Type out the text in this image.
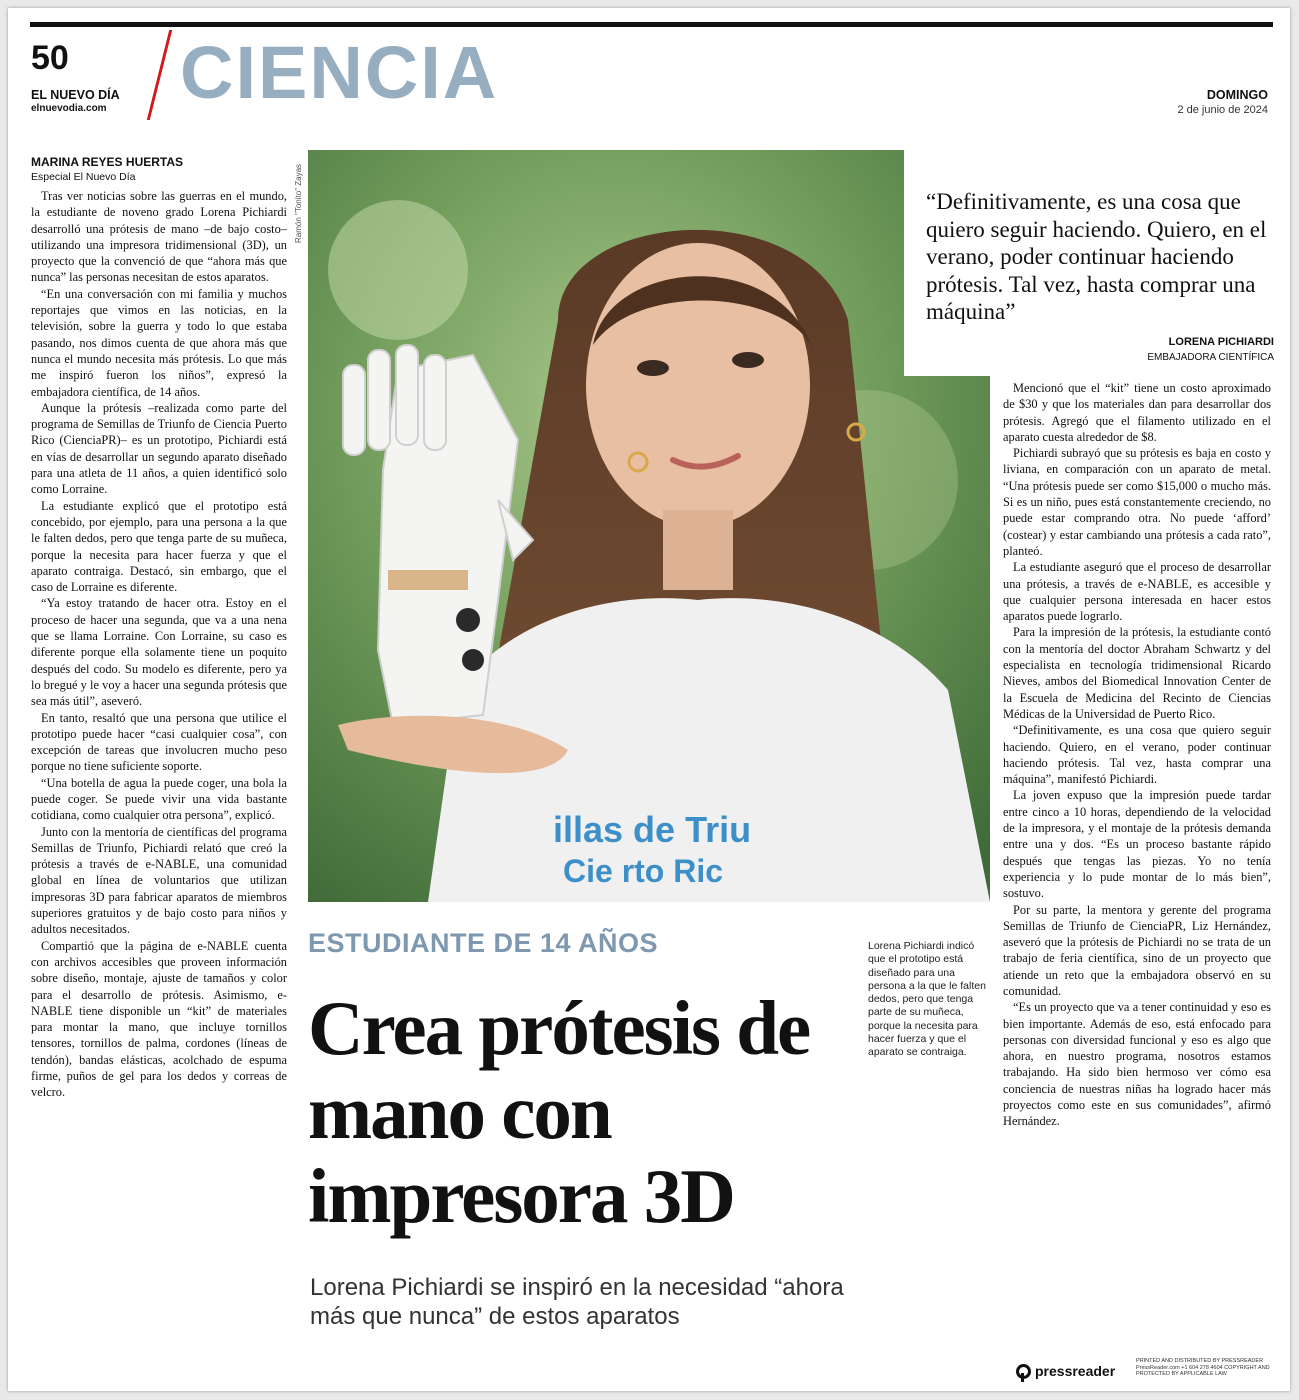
50
EL NUEVO DÍA
elnuevodia.com CIENCIA	DOMINGO
2 de junio de 2024
MARINA REYES HUERTAS
Especial El Nuevo Día

Tras ver noticias sobre las guerras en el mundo, la estudiante de noveno grado Lorena Pichiardi desarrolló una prótesis de mano –de bajo costo– utilizando una impresora tridimensional (3D), un proyecto que la convenció de que “ahora más que nunca” las personas necesitan de estos aparatos.

“En una conversación con mi familia y muchos reportajes que vimos en las noticias, en la televisión, sobre la guerra y todo lo que estaba pasando, nos dimos cuenta de que ahora más que nunca el mundo necesita más prótesis. Lo que más me inspiró fueron los niños”, expresó la embajadora científica, de 14 años.

Aunque la prótesis –realizada como parte del programa de Semillas de Triunfo de Ciencia Puerto Rico (CienciaPR)– es un prototipo, Pichiardi está en vías de desarrollar un segundo aparato diseñado para una atleta de 11 años, a quien identificó solo como Lorraine.

La estudiante explicó que el prototipo está concebido, por ejemplo, para una persona a la que le falten dedos, pero que tenga parte de su muñeca, porque la necesita para hacer fuerza y que el aparato contraiga. Destacó, sin embargo, que el caso de Lorraine es diferente.

“Ya estoy tratando de hacer otra. Estoy en el proceso de hacer una segunda, que va a una nena que se llama Lorraine. Con Lorraine, su caso es diferente porque ella solamente tiene un poquito después del codo. Su modelo es diferente, pero ya lo bregué y le voy a hacer una segunda prótesis que sea más útil”, aseveró.

En tanto, resaltó que una persona que utilice el prototipo puede hacer “casi cualquier cosa”, con excepción de tareas que involucren mucho peso porque no tiene suficiente soporte.

“Una botella de agua la puede coger, una bola la puede coger. Se puede vivir una vida bastante cotidiana, como cualquier otra persona”, explicó.

Junto con la mentoría de científicas del programa Semillas de Triunfo, Pichiardi relató que creó la prótesis a través de e-NABLE, una comunidad global en línea de voluntarios que utilizan impresoras 3D para fabricar aparatos de miembros superiores gratuitos y de bajo costo para niños y adultos necesitados.

Compartió que la página de e-NABLE cuenta con archivos accesibles que proveen información sobre diseño, montaje, ajuste de tamaños y color para el desarrollo de prótesis. Asimismo, e-NABLE tiene disponible un “kit” de materiales para montar la mano, que incluye tornillos tensores, tornillos de palma, cordones (líneas de tendón), bandas elásticas, acolchado de espuma firme, puños de gel para los dedos y correas de velcro.

Ramón "Tonito" Zayas
illas de Triu
Cie rto Ric
“Definitivamente, es una cosa que quiero seguir haciendo. Quiero, en el verano, poder continuar haciendo prótesis. Tal vez, hasta comprar una máquina”
LORENA PICHIARDI
EMBAJADORA CIENTÍFICA

Mencionó que el “kit” tiene un costo aproximado de $30 y que los materiales dan para desarrollar dos prótesis. Agregó que el filamento utilizado en el aparato cuesta alrededor de $8.

Pichiardi subrayó que su prótesis es baja en costo y liviana, en comparación con un aparato de metal. “Una prótesis puede ser como $15,000 o mucho más. Si es un niño, pues está constantemente creciendo, no puede estar comprando otra. No puede ‘afford’ (costear) y estar cambiando una prótesis a cada rato”, planteó.

La estudiante aseguró que el proceso de desarrollar una prótesis, a través de e-NABLE, es accesible y que cualquier persona interesada en hacer estos aparatos puede lograrlo.

Para la impresión de la prótesis, la estudiante contó con la mentoría del doctor Abraham Schwartz y del especialista en tecnología tridimensional Ricardo Nieves, ambos del Biomedical Innovation Center de la Escuela de Medicina del Recinto de Ciencias Médicas de la Universidad de Puerto Rico.

“Definitivamente, es una cosa que quiero seguir haciendo. Quiero, en el verano, poder continuar haciendo prótesis. Tal vez, hasta comprar una máquina”, manifestó Pichiardi.

La joven expuso que la impresión puede tardar entre cinco a 10 horas, dependiendo de la velocidad de la impresora, y el montaje de la prótesis demanda entre una y dos. “Es un proceso bastante rápido después que tengas las piezas. Yo no tenía experiencia y lo pude montar de lo más bien”, sostuvo.

Por su parte, la mentora y gerente del programa Semillas de Triunfo de CienciaPR, Liz Hernández, aseveró que la prótesis de Pichiardi no se trata de un trabajo de feria científica, sino de un proyecto que atiende un reto que la embajadora observó en su comunidad.

“Es un proyecto que va a tener continuidad y eso es bien importante. Además de eso, está enfocado para personas con diversidad funcional y eso es algo que ahora, en nuestro programa, nosotros estamos trabajando. Ha sido bien hermoso ver cómo esa conciencia de nuestras niñas ha logrado hacer más proyectos como este en sus comunidades”, afirmó Hernández.

ESTUDIANTE DE 14 AÑOS
Crea prótesis de mano con impresora 3D
Lorena Pichiardi se inspiró en la necesidad “ahora más que nunca” de estos aparatos
Lorena Pichiardi indicó que el prototipo está diseñado para una persona a la que le falten dedos, pero que tenga parte de su muñeca, porque la necesita para hacer fuerza y que el aparato se contraiga.
pressreader
PRINTED AND DISTRIBUTED BY PRESSREADER PressReader.com +1 604 278 4604 COPYRIGHT AND PROTECTED BY APPLICABLE LAW
